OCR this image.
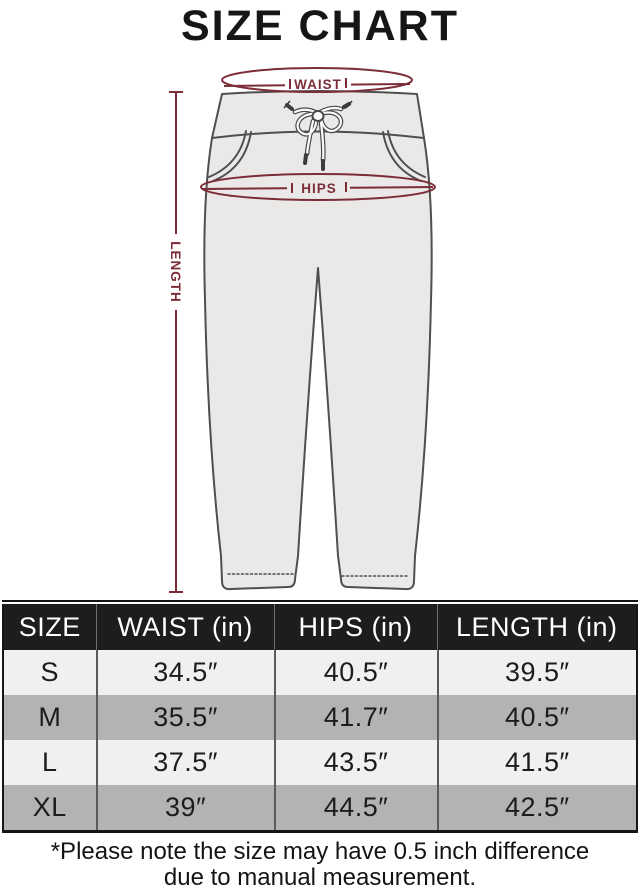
SIZE CHART
WAIST
HIPS
LENGTH
SIZE	WAIST (in)	HIPS (in)	LENGTH (in)
S	34.5″	40.5″	39.5″
M	35.5″	41.7″	40.5″
L	37.5″	43.5″	41.5″
XL	39″	44.5″	42.5″
*Please note the size may have 0.5 inch difference
due to manual measurement.
